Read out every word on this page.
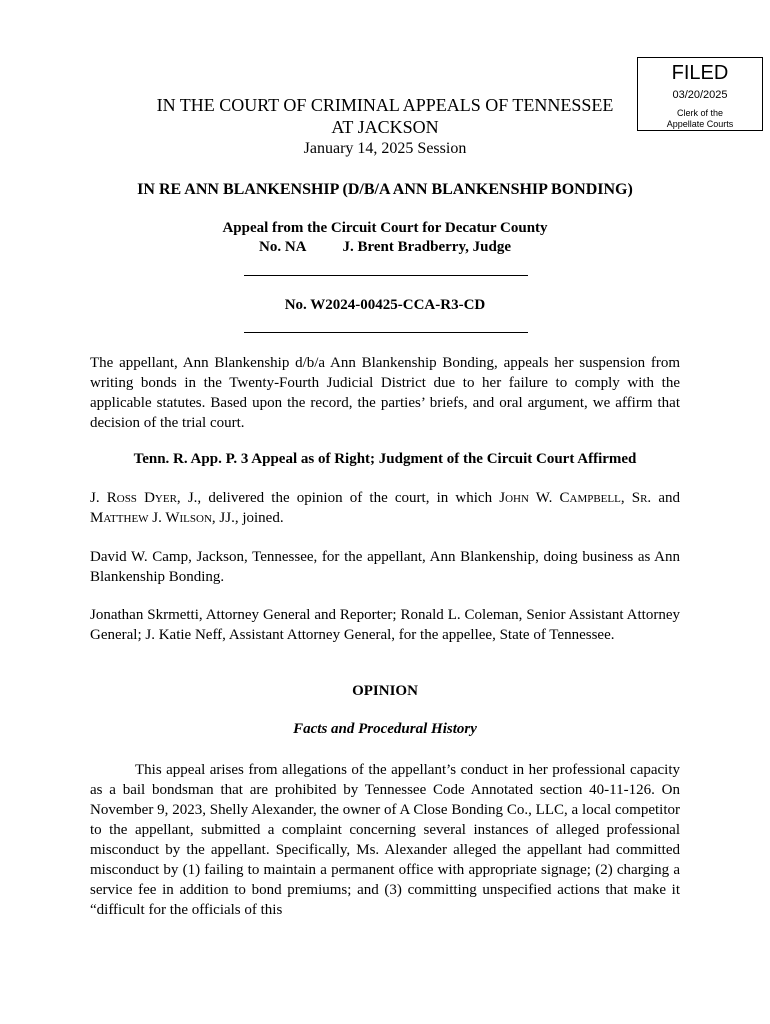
FILED
03/20/2025
Clerk of the
Appellate Courts
IN THE COURT OF CRIMINAL APPEALS OF TENNESSEE
AT JACKSON
January 14, 2025 Session
IN RE ANN BLANKENSHIP (D/B/A ANN BLANKENSHIP BONDING)
Appeal from the Circuit Court for Decatur County
No. NA J. Brent Bradberry, Judge
No. W2024-00425-CCA-R3-CD
The appellant, Ann Blankenship d/b/a Ann Blankenship Bonding, appeals her suspension from writing bonds in the Twenty-Fourth Judicial District due to her failure to comply with the applicable statutes. Based upon the record, the parties’ briefs, and oral argument, we affirm that decision of the trial court.
Tenn. R. App. P. 3 Appeal as of Right; Judgment of the Circuit Court Affirmed
J. Ross Dyer, J., delivered the opinion of the court, in which John W. Campbell, Sr. and Matthew J. Wilson, JJ., joined.
David W. Camp, Jackson, Tennessee, for the appellant, Ann Blankenship, doing business as Ann Blankenship Bonding.
Jonathan Skrmetti, Attorney General and Reporter; Ronald L. Coleman, Senior Assistant Attorney General; J. Katie Neff, Assistant Attorney General, for the appellee, State of Tennessee.
OPINION
Facts and Procedural History
This appeal arises from allegations of the appellant’s conduct in her professional capacity as a bail bondsman that are prohibited by Tennessee Code Annotated section 40-11-126. On November 9, 2023, Shelly Alexander, the owner of A Close Bonding Co., LLC, a local competitor to the appellant, submitted a complaint concerning several instances of alleged professional misconduct by the appellant. Specifically, Ms. Alexander alleged the appellant had committed misconduct by (1) failing to maintain a permanent office with appropriate signage; (2) charging a service fee in addition to bond premiums; and (3) committing unspecified actions that make it “difficult for the officials of this
